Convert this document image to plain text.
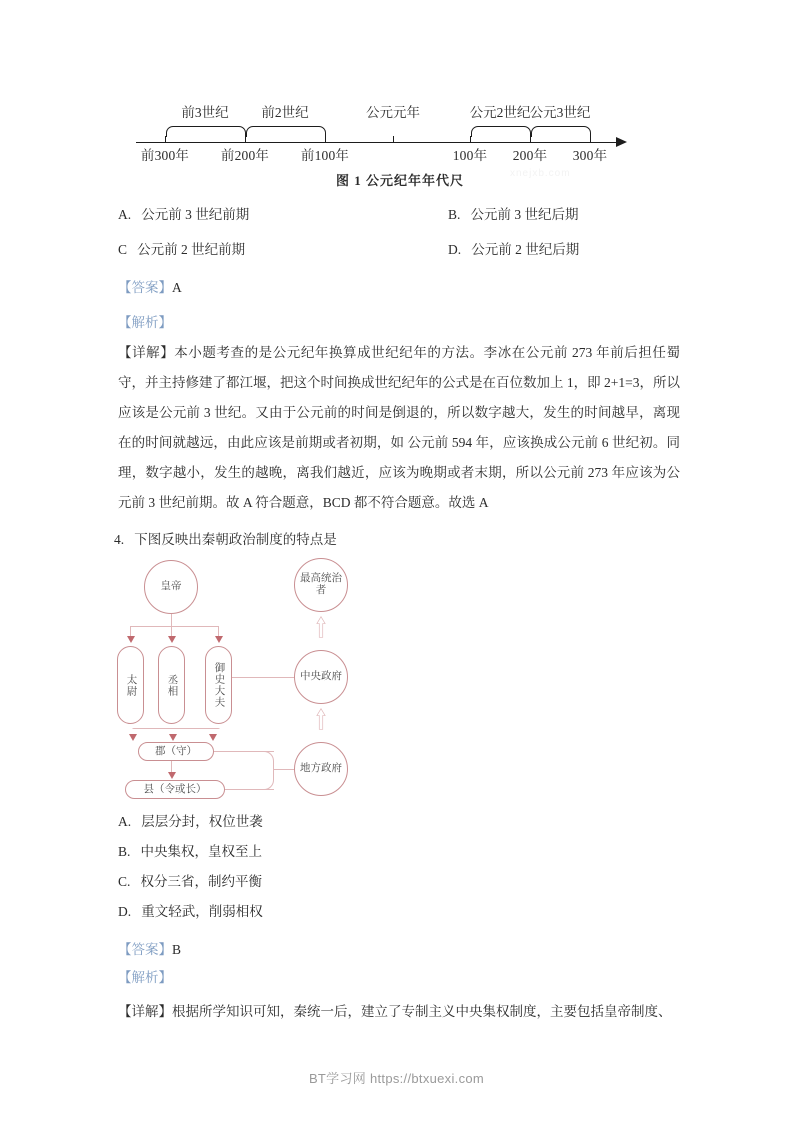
前300年 前200年 前100年	100年 200年 300年
前3世纪 前2世纪	公元元年	公元2世纪 公元3世纪
图 1 公元纪年年代尺	xnejxb.com
A. 公元前 3 世纪前期	B. 公元前 3 世纪后期
C 公元前 2 世纪前期	D. 公元前 2 世纪后期
【答案】A
【解析】
【详解】本小题考查的是公元纪年换算成世纪纪年的方法。李冰在公元前 273 年前后担任蜀守，并主持修建了都江堰，把这个时间换成世纪纪年的公式是在百位数加上 1，即 2+1=3，所以应该是公元前 3 世纪。又由于公元前的时间是倒退的，所以数字越大，发生的时间越早，离现在的时间就越远，由此应该是前期或者初期，如 公元前 594 年，应该换成公元前 6 世纪初。同理，数字越小，发生的越晚，离我们越近，应该为晚期或者末期，所以公元前 273 年应该为公元前 3 世纪前期。故 A 符合题意，BCD 都不符合题意。故选 A
4. 下图反映出秦朝政治制度的特点是
皇帝
太尉	丞相	御史大夫
郡（守）
县（令或长）
最高统治者
中央政府
地方政府
A. 层层分封，权位世袭
B. 中央集权，皇权至上
C. 权分三省，制约平衡
D. 重文轻武，削弱相权
【答案】B
【解析】
【详解】根据所学知识可知，秦统一后，建立了专制主义中央集权制度，主要包括皇帝制度、
BT学习网 https://btxuexi.com
